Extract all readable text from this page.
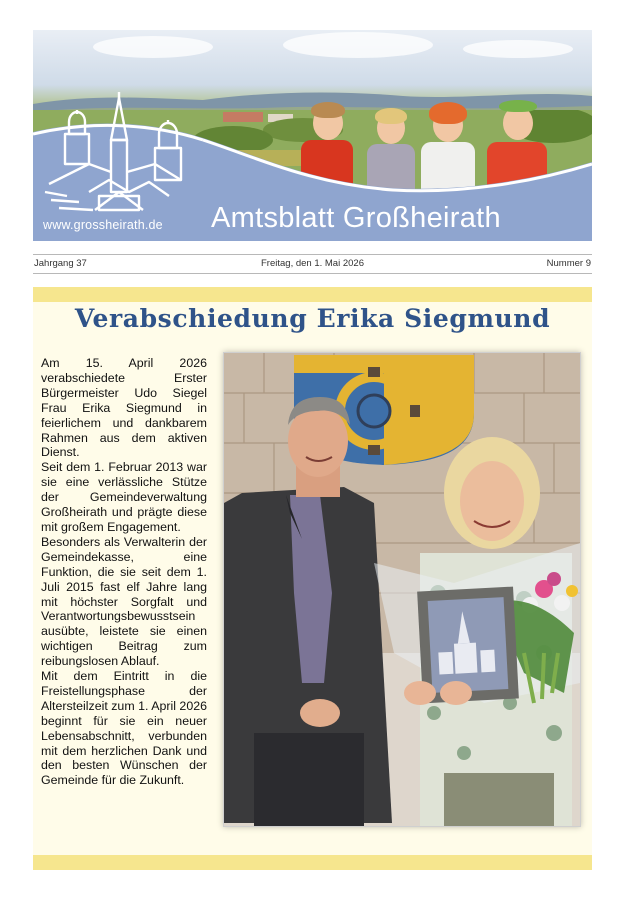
www.grossheirath.de Amtsblatt Großheirath
Jahrgang 37	Freitag, den 1. Mai 2026	Nummer 9
Verabschiedung Erika Siegmund

Am 15. April 2026 verabschiedete Erster Bürgermeister Udo Siegel Frau Erika Siegmund in feierlichem und dankbarem Rahmen aus dem aktiven Dienst.

Seit dem 1. Februar 2013 war sie eine verlässliche Stütze der Gemeindeverwaltung Großheirath und prägte diese mit großem Engagement.

Besonders als Verwalterin der Gemeindekasse, eine Funktion, die sie seit dem 1. Juli 2015 fast elf Jahre lang mit höchster Sorgfalt und Verantwortungsbewusstsein ausübte, leistete sie einen wichtigen Beitrag zum reibungslosen Ablauf.

Mit dem Eintritt in die Freistellungsphase der Altersteilzeit zum 1. April 2026 beginnt für sie ein neuer Lebensabschnitt, verbunden mit dem herzlichen Dank und den besten Wünschen der Gemeinde für die Zukunft.
